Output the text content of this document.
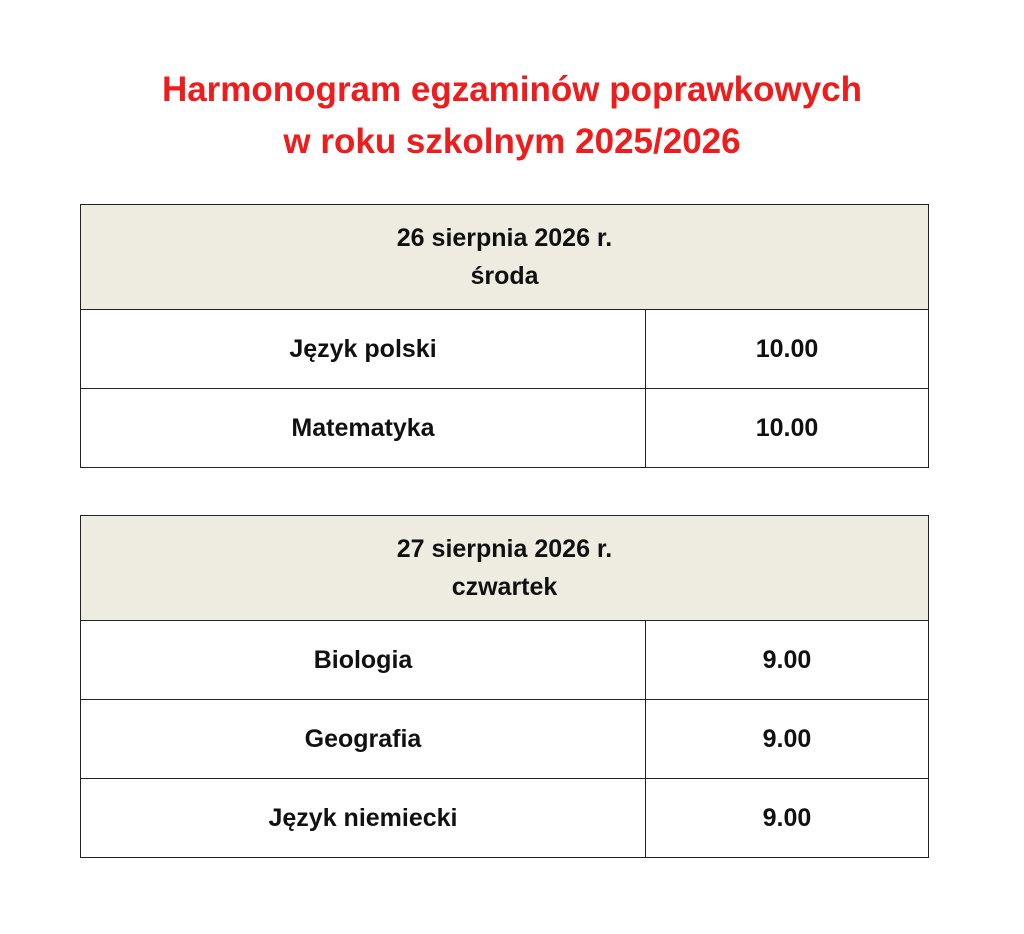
Harmonogram egzaminów poprawkowych
w roku szkolnym 2025/2026
26 sierpnia 2026 r.
środa	

Język polski	10.00
Matematyka	10.00
27 sierpnia 2026 r.
czwartek	

Biologia	9.00
Geografia	9.00
Język niemiecki	9.00
